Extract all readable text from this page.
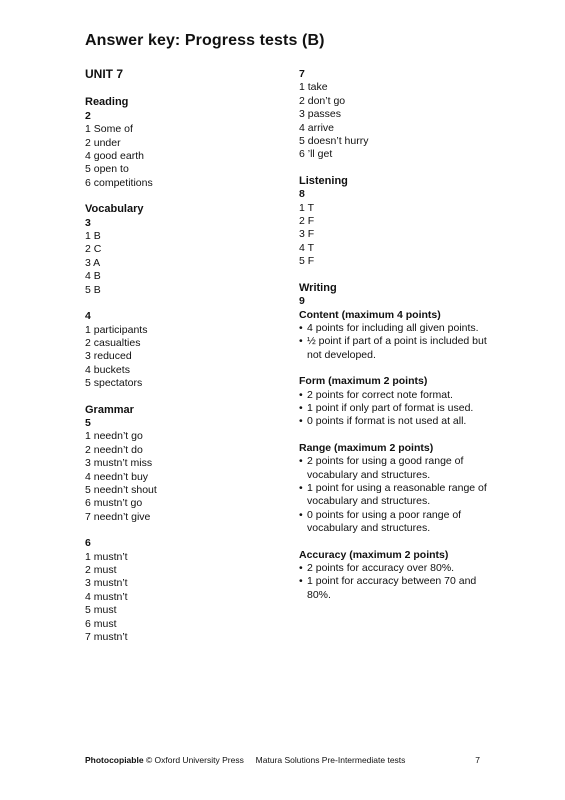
Answer key: Progress tests (B)
UNIT 7
Reading
2
1 Some of
2 under
4 good earth
5 open to
6 competitions
Vocabulary
3
1 B
2 C
3 A
4 B
5 B
4
1 participants
2 casualties
3 reduced
4 buckets
5 spectators
Grammar
5
1 needn’t go
2 needn’t do
3 mustn’t miss
4 needn’t buy
5 needn’t shout
6 mustn’t go
7 needn’t give
6
1 mustn’t
2 must
3 mustn’t
4 mustn’t
5 must
6 must
7 mustn’t
7
1 take
2 don’t go
3 passes
4 arrive
5 doesn’t hurry
6 ’ll get
Listening
8
1 T
2 F
3 F
4 T
5 F
Writing
9
Content (maximum 4 points)
• 4 points for including all given points.
• ½ point if part of a point is included but not developed.
Form (maximum 2 points)
• 2 points for correct note format.
• 1 point if only part of format is used.
• 0 points if format is not used at all.
Range (maximum 2 points)
• 2 points for using a good range of vocabulary and structures.
• 1 point for using a reasonable range of vocabulary and structures.
• 0 points for using a poor range of vocabulary and structures.
Accuracy (maximum 2 points)
• 2 points for accuracy over 80%.
• 1 point for accuracy between 70 and 80%.
Photocopiable © Oxford University Press Matura Solutions Pre-Intermediate tests	7
